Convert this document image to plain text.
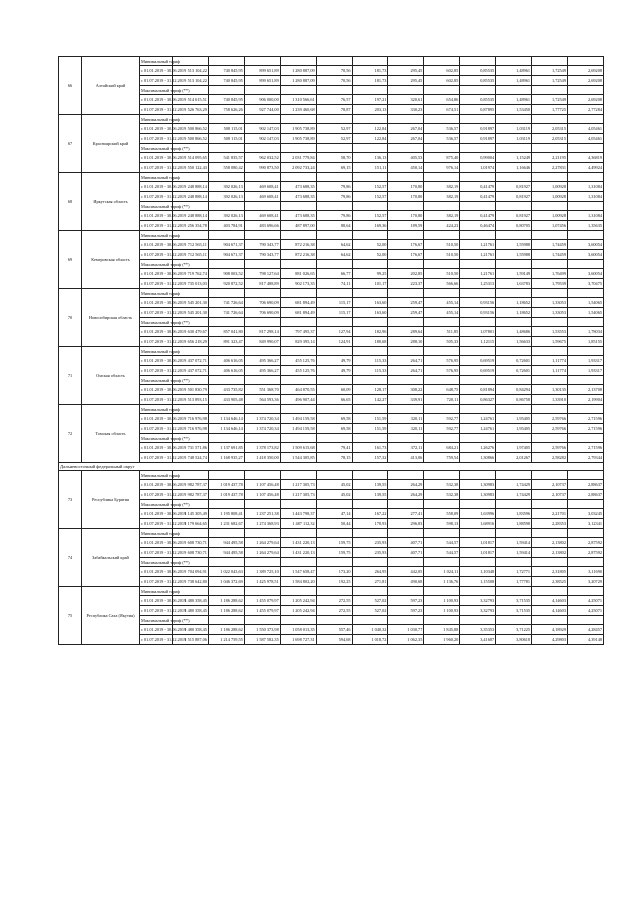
66	Алтайский край	Минимальный тариф												
		с 01.01.2019 - 30.06.2019	513 104,22	740 845,95	899 651,89	1 280 887,09	70,56	181,73	295,45	602,85	0,85535	1,48961	1,72549	2,69208
		с 01.07.2019 - 31.12.2019	513 104,22	740 845,95	899 651,89	1 280 887,09	70,56	181,73	295,45	602,85	0,85535	1,48961	1,72549	2,69208
		Максимальный тариф (**)												
		с 01.01.2019 - 30.06.2019	514 615,51	740 845,95	906 000,00	1 310 566,61	76,57	197,21	320,61	654,86	0,85535	1,48961	1,72549	2,69208
		с 01.07.2019 - 31.12.2019	526 763,29	758 626,26	927 744,00	1 239 460,68	78,87	203,13	330,23	674,51	0,87895	1,53450	1,77725	2,77284
67	Красноярский край	Минимальный тариф												
		с 01.01.2019 - 30.06.2019	500 866,52	508 115,01	902 147,03	1 905 738,89	52,97	122,84	267,04	536,57	0,91897	1,03119	2,05315	4,05461
		с 01.07.2019 - 31.12.2019	500 866,52	508 115,01	902 147,03	1 905 738,89	52,97	122,84	267,04	536,57	0,91897	1,03119	2,05315	4,05461
		Максимальный тариф (**)												
		с 01.01.2019 - 30.06.2019	514 095,65	541 835,57	962 032,52	2 031 779,84	58,70	136,13	405,53	875,40	0,99004	1,15249	2,21195	4,36819
		с 01.07.2019 - 31.12.2019	550 122,43	558 080,42	990 873,50	2 092 733,24	69,15	151,11	450,14	976,14	1,01974	1,16646	2,27831	4,49924
68	Иркутская область	Минимальный тариф												
		с 01.01.2019 - 30.06.2019	248 888,14	392 026,13	469 608,41	473 688,35	79,86	152,57	170,80	382,19	0,41479	0,81927	1,00928	1,31084
		с 01.07.2019 - 31.12.2019	248 888,14	392 026,13	469 608,41	473 688,35	79,86	152,57	170,80	382,19	0,41479	0,81927	1,00928	1,31084
		Максимальный тариф (**)												
		с 01.01.2019 - 30.06.2019	248 888,14	392 026,13	469 608,41	473 688,35	79,86	152,57	170,80	382,19	0,41479	0,81927	1,00928	1,31084
		с 01.07.2019 - 31.12.2019	256 354,78	403 784,91	483 696,66	487 897,00	88,64	169,36	189,59	424,23	0,46474	0,80705	1,07456	1,35635
69	Кемеровская область	Минимальный тариф												
		с 01.01.2019 - 30.06.2019	712 565,11	904 671,37	790 343,77	872 216,38	64,62	52,00	176,67	510,50	1,21761	1,55988	1,74459	3,60054
		с 01.07.2019 - 31.12.2019	712 565,11	904 671,37	790 343,77	872 216,38	64,62	52,00	176,67	510,50	1,21761	1,55988	1,74459	3,60054
		Максимальный тариф (**)												
		с 01.01.2019 - 30.06.2019	719 762,74	908 003,52	798 127,64	881 026,65	66,77	99,25	202,85	510,50	1,21761	1,59149	1,76499	3,60054
		с 01.07.2019 - 31.12.2019	735 013,03	920 872,52	817 488,89	902 173,35	74,11	101,17	223,37	566,66	1,25313	1,63783	1,79539	3,70475
70	Новосибирская область	Минимальный тариф												
		с 01.01.2019 - 30.06.2019	545 201,30	741 726,64	706 690,09	681 894,49	115,17	163,60	259,47	455,14	0,93156	1,18652	1,33053	1,54065
		с 01.07.2019 - 31.12.2019	545 201,30	741 726,64	706 690,09	681 894,49	115,17	163,60	259,47	455,14	0,93156	1,18652	1,33053	1,54065
		Максимальный тариф (**)												
		с 01.01.2019 - 30.06.2019	630 479,67	857 041,80	817 298,14	797 495,37	127,94	182,96	289,64	511,85	1,07801	1,48686	1,53553	1,78034
		с 01.07.2019 - 31.12.2019	656 218,29	891 323,47	849 990,07	829 395,14	124,91	180,68	288,10	505,33	1,12115	1,56633	1,59675	1,85155
71	Омская область	Минимальный тариф												
		с 01.01.2019 - 30.06.2019	437 072,71	406 616,05	495 366,27	455 125,76	49,79	115,33	264,71	576,95	0,69519	0,72601	1,11774	1,93317
		с 01.07.2019 - 31.12.2019	437 072,71	406 616,05	495 366,27	455 125,76	49,79	115,33	264,71	576,95	0,69519	0,72601	1,11774	1,93317
		Максимальный тариф (**)												
		с 01.01.2019 - 30.06.2019	501 830,79	433 735,82	551 368,70	464 870,55	60,09	128,17	308,22	648,75	0,81894	0,84294	1,30135	2,13708
		с 01.07.2019 - 31.12.2019	513 893,15	433 905,48	564 593,36	496 907,44	66,65	142,27	339,91	720,11	0,86327	0,86758	1,33910	2,19904
72	Томская область	Минимальный тариф												
		с 01.01.2019 - 30.06.2019	716 976,98	1 134 646,14	1 374 720,34	1 494 159,58	69,58	151,59	320,11	592,77	1,24761	1,95405	2,59766	2,71596
		с 01.07.2019 - 31.12.2019	716 976,98	1 134 646,14	1 374 720,34	1 494 159,58	69,58	151,59	320,11	592,77	1,24761	1,95405	2,59766	2,71596
		Максимальный тариф (**)												
		с 01.01.2019 - 30.06.2019	731 571,86	1 137 691,85	1 378 173,82	1 509 615,68	79,41	161,73	372,11	684,21	1,26276	1,97405	2,59766	2,71596
		с 01.07.2019 - 31.12.2019	748 524,74	1 168 935,27	1 418 350,00	1 544 305,85	78,15	157,32	413,06	759,54	1,30866	2,01267	2,58282	2,79344
Дальневосточный федеральный округ														
73	Республика Бурятия	Минимальный тариф												
		с 01.01.2019 - 30.06.2019	982 787,37	1 019 437,78	1 107 456,48	1 217 305,73	45,02	139,55	264,29	532,38	1,30983	1,74429	2,10737	2,88637
		с 01.07.2019 - 31.12.2019	982 787,37	1 019 437,78	1 107 456,48	1 217 305,73	45,02	139,55	264,29	532,38	1,30983	1,74429	2,10737	2,88637
		Максимальный тариф (**)												
		с 01.01.2019 - 30.06.2019	1 145 305,49	1 195 808,41	1 237 251,38	1 443 798,37	47,14	167,22	277,41	558,09	1,63996	1,83596	2,21701	3,03245
		с 01.07.2019 - 31.12.2019	1 179 664,65	1 231 682,67	1 274 368,93	1 487 112,32	50,44	178,93	296,83	598,13	1,68916	1,88598	2,28353	3,12341
74	Забайкальский край	Минимальный тариф												
		с 01.01.2019 - 30.06.2019	608 730,71	944 495,58	1 264 279,64	1 431 220,13	159,75	235,93	407,71	544,57	1,01817	1,59414	2,13802	2,87592
		с 01.07.2019 - 31.12.2019	608 730,71	944 495,58	1 264 279,64	1 431 220,13	159,75	235,93	407,71	544,57	1,01817	1,59414	2,13802	2,87592
		Максимальный тариф (**)												
		с 01.01.2019 - 30.06.2019	704 094,91	1 022 043,63	1 389 725,10	1 547 658,47	173,20	264,95	442,05	1 024,11	1,10348	1,72771	2,31805	3,11690
		с 01.07.2019 - 31.12.2019	738 642,80	1 046 372,69	1 425 978,51	1 584 802,20	192,25	271,81	490,68	1 136,76	1,15508	1,77781	2,38525	3,20729
75	Республика Саха (Якутия)	Минимальный тариф												
		с 01.01.2019 - 30.06.2019	1 480 358,45	1 186 288,62	1 455 079,97	1 205 242,94	272,55	527,02	597,23	1 100,93	3,32793	3,71535	4,14603	4,25071
		с 01.07.2019 - 31.12.2019	1 480 358,45	1 186 288,62	1 455 079,97	1 205 242,94	272,55	527,02	597,23	1 100,93	3,32793	3,71535	4,14603	4,25071
		Максимальный тариф (**)												
		с 01.01.2019 - 30.06.2019	1 480 358,45	1 186 288,62	1 550 373,98	1 058 013,35	557,46	1 040,32	1 030,77	1 845,88	3,35353	3,71225	4,18929	4,28457
		с 01.07.2019 - 31.12.2019	1 515 887,06	1 214 759,55	1 587 582,35	1 698 727,31	594,68	1 018,72	1 062,35	1 960,20	3,41687	3,80618	4,29803	4,39148
